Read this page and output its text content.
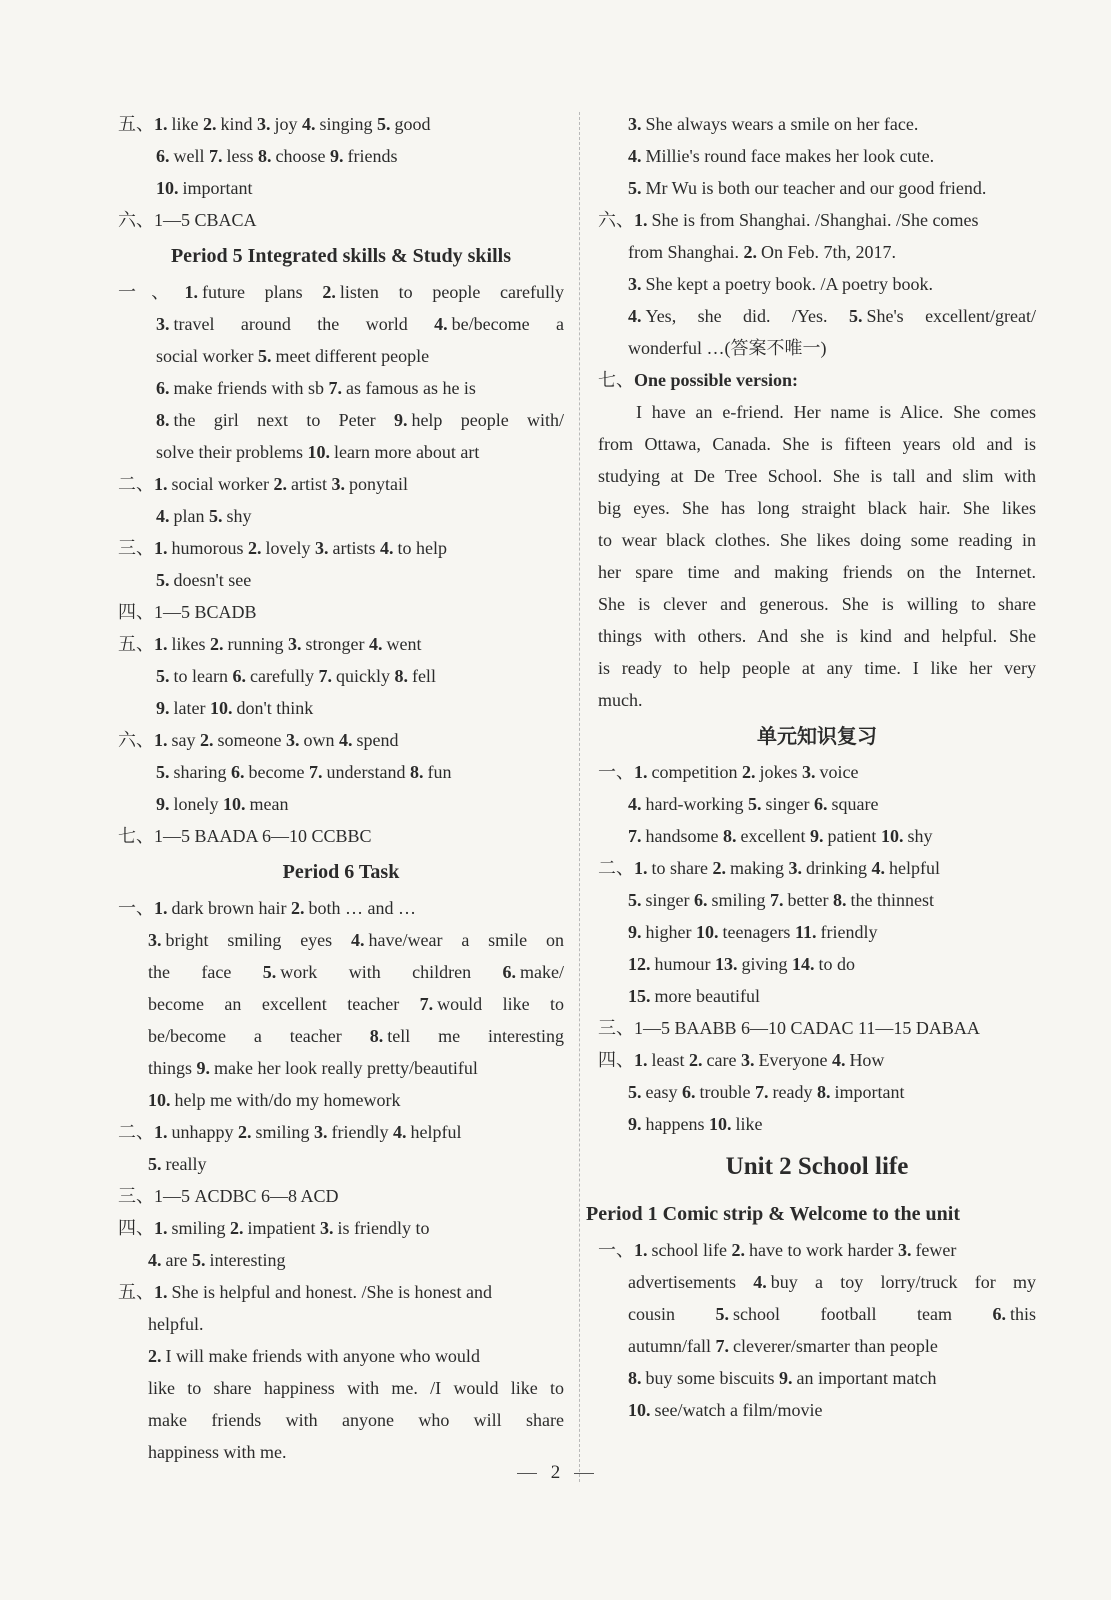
五、1. like 2. kind 3. joy 4. singing 5. good
6. well 7. less 8. choose 9. friends
10. important
六、1—5 CBACA
Period 5 Integrated skills & Study skills
一、1. future plans 2. listen to people carefully
3. travel around the world 4. be/become a
social worker 5. meet different people
6. make friends with sb 7. as famous as he is
8. the girl next to Peter 9. help people with/
solve their problems 10. learn more about art
二、1. social worker 2. artist 3. ponytail
4. plan 5. shy
三、1. humorous 2. lovely 3. artists 4. to help
5. doesn't see
四、1—5 BCADB
五、1. likes 2. running 3. stronger 4. went
5. to learn 6. carefully 7. quickly 8. fell
9. later 10. don't think
六、1. say 2. someone 3. own 4. spend
5. sharing 6. become 7. understand 8. fun
9. lonely 10. mean
七、1—5 BAADA 6—10 CCBBC
Period 6 Task
一、1. dark brown hair 2. both … and …
3. bright smiling eyes 4. have/wear a smile on
the face 5. work with children 6. make/
become an excellent teacher 7. would like to
be/become a teacher 8. tell me interesting
things 9. make her look really pretty/beautiful
10. help me with/do my homework
二、1. unhappy 2. smiling 3. friendly 4. helpful
5. really
三、1—5 ACDBC 6—8 ACD
四、1. smiling 2. impatient 3. is friendly to
4. are 5. interesting
五、1. She is helpful and honest. /She is honest and
helpful.
2. I will make friends with anyone who would
like to share happiness with me. /I would like to
make friends with anyone who will share
happiness with me.
3. She always wears a smile on her face.
4. Millie's round face makes her look cute.
5. Mr Wu is both our teacher and our good friend.
六、1. She is from Shanghai. /Shanghai. /She comes
from Shanghai. 2. On Feb. 7th, 2017.
3. She kept a poetry book. /A poetry book.
4. Yes, she did. /Yes. 5. She's excellent/great/
wonderful …(答案不唯一)
七、One possible version:
I have an e-friend. Her name is Alice. She comes
from Ottawa, Canada. She is fifteen years old and is
studying at De Tree School. She is tall and slim with
big eyes. She has long straight black hair. She likes
to wear black clothes. She likes doing some reading in
her spare time and making friends on the Internet.
She is clever and generous. She is willing to share
things with others. And she is kind and helpful. She
is ready to help people at any time. I like her very
much.
单元知识复习
一、1. competition 2. jokes 3. voice
4. hard-working 5. singer 6. square
7. handsome 8. excellent 9. patient 10. shy
二、1. to share 2. making 3. drinking 4. helpful
5. singer 6. smiling 7. better 8. the thinnest
9. higher 10. teenagers 11. friendly
12. humour 13. giving 14. to do
15. more beautiful
三、1—5 BAABB 6—10 CADAC 11—15 DABAA
四、1. least 2. care 3. Everyone 4. How
5. easy 6. trouble 7. ready 8. important
9. happens 10. like
Unit 2 School life
Period 1 Comic strip & Welcome to the unit
一、1. school life 2. have to work harder 3. fewer
advertisements 4. buy a toy lorry/truck for my
cousin 5. school football team 6. this
autumn/fall 7. cleverer/smarter than people
8. buy some biscuits 9. an important match
10. see/watch a film/movie
2
